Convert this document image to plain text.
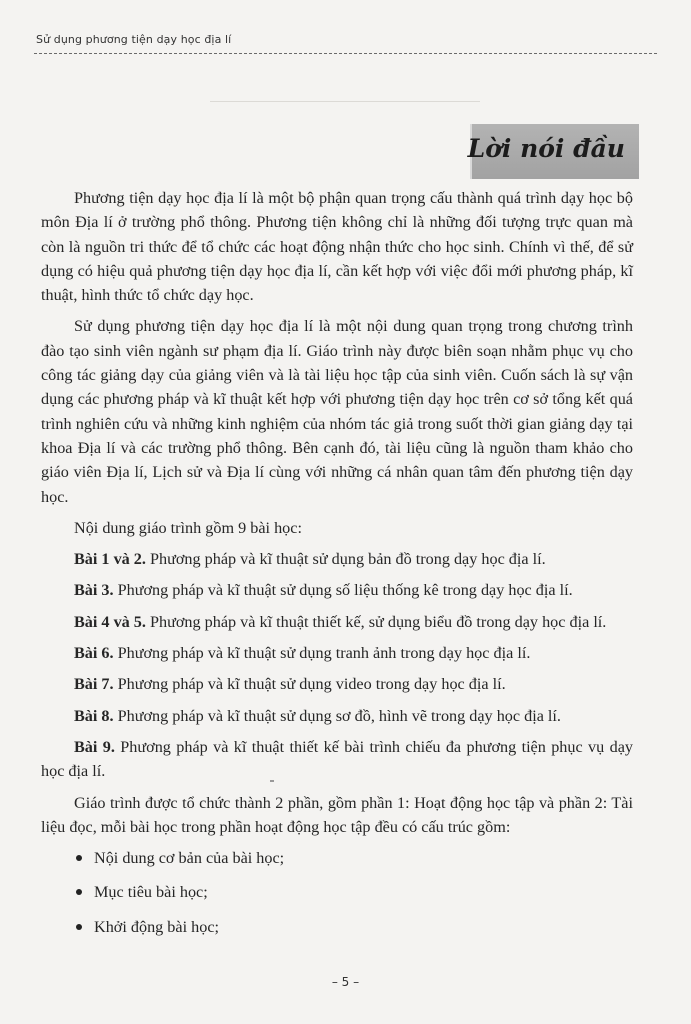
Sử dụng phương tiện dạy học địa lí
Lời nói đầu

Phương tiện dạy học địa lí là một bộ phận quan trọng cấu thành quá trình dạy học bộ môn Địa lí ở trường phổ thông. Phương tiện không chỉ là những đối tượng trực quan mà còn là nguồn tri thức để tổ chức các hoạt động nhận thức cho học sinh. Chính vì thế, để sử dụng có hiệu quả phương tiện dạy học địa lí, cần kết hợp với việc đổi mới phương pháp, kĩ thuật, hình thức tổ chức dạy học.

Sử dụng phương tiện dạy học địa lí là một nội dung quan trọng trong chương trình đào tạo sinh viên ngành sư phạm địa lí. Giáo trình này được biên soạn nhằm phục vụ cho công tác giảng dạy của giảng viên và là tài liệu học tập của sinh viên. Cuốn sách là sự vận dụng các phương pháp và kĩ thuật kết hợp với phương tiện dạy học trên cơ sở tổng kết quá trình nghiên cứu và những kinh nghiệm của nhóm tác giả trong suốt thời gian giảng dạy tại khoa Địa lí và các trường phổ thông. Bên cạnh đó, tài liệu cũng là nguồn tham khảo cho giáo viên Địa lí, Lịch sử và Địa lí cùng với những cá nhân quan tâm đến phương tiện dạy học.

Nội dung giáo trình gồm 9 bài học:

Bài 1 và 2. Phương pháp và kĩ thuật sử dụng bản đồ trong dạy học địa lí.

Bài 3. Phương pháp và kĩ thuật sử dụng số liệu thống kê trong dạy học địa lí.

Bài 4 và 5. Phương pháp và kĩ thuật thiết kế, sử dụng biểu đồ trong dạy học địa lí.

Bài 6. Phương pháp và kĩ thuật sử dụng tranh ảnh trong dạy học địa lí.

Bài 7. Phương pháp và kĩ thuật sử dụng video trong dạy học địa lí.

Bài 8. Phương pháp và kĩ thuật sử dụng sơ đồ, hình vẽ trong dạy học địa lí.

Bài 9. Phương pháp và kĩ thuật thiết kế bài trình chiếu đa phương tiện phục vụ dạy học địa lí.

Giáo trình được tổ chức thành 2 phần, gồm phần 1: Hoạt động học tập và phần 2: Tài liệu đọc, mỗi bài học trong phần hoạt động học tập đều có cấu trúc gồm:

Nội dung cơ bản của bài học;
Mục tiêu bài học;
Khởi động bài học;
– 5 –
